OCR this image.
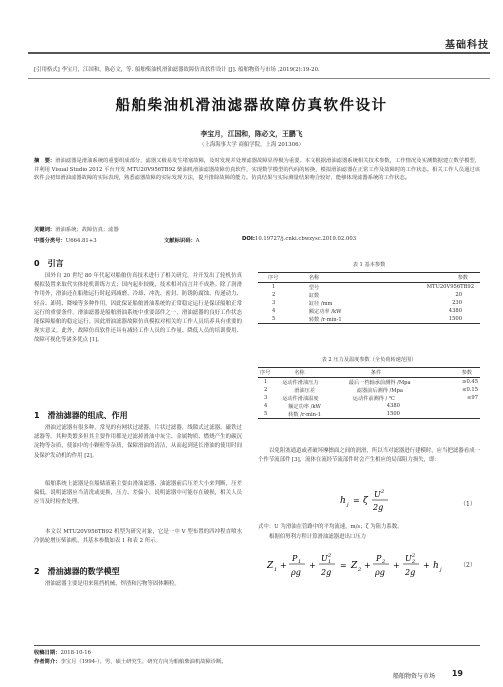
基础科技
[引用格式] 李宝月，江国和，陈必文，等. 船舶柴油机滑油滤器故障仿真软件设计 [J]. 船舶物资与市场 ,2019(2):19-20.
船舶柴油机滑油滤器故障仿真软件设计
李宝月，江国和，陈必文，王鹏飞
（上海海事大学 商船学院，上海 201306）
摘　要：滑油滤器是滑油系统的重要组成部分，滤器又极易发生堵塞故障，及时发现并处理滤器故障显得极为重要。本文根据滑油滤器系统相关技术参数，工作情况及实测数据建立数学模型，并利用 Visual Studio 2012 平台开发 MTU20V956TB92 柴油机滑油滤器故障仿真软件，实现数学模型的代码的转换，模拟滑油滤器在正常工作及故障时的工作状态。相关工作人员通过该软件会初知滑油滤器故障的实际表现，熟悉滤器故障的实际发现方法，提升排除故障的能力。仿真结果与实际测量结果吻合较好，能够体现滤器系统的工作状态。
关键词：滑油系统；故障仿真；滤器
中图分类号：U664.81+3	文献标识码：A	DOI:10.19727/j.cnki.cbwzysc.2019.02.003
0　引言
国外自 20 世纪 80 年代起对船舶仿真技术进行了相关研究，并开发出了轮机仿真模拟装置来取代实体轮机训练方式；国内起步较晚，技术相对而言并不成熟。除了润滑作用外，滑油还在船舶运行时起到减磨、冷却、冲洗、密封、防锈防腐蚀、传递动力、轻音、卸荷、降噪等多种作用。因此保证船舶滑油系统的正常稳定运行是保证船舶正常运行的重要条件。滑油滤器是船舶滑油系统中重要部件之一，滑油滤器的良好工作状态能保障船舶的稳定运行。因此滑油滤器故障仿真模拟对相关的工作人员培养具有重要的现实意义。此外，故障仿真软件还具有减轻工作人员的工作量、降低人员的培训费用、故障可视化等诸多优点 [1]。
1　滑油滤器的组成、作用
滑油过滤器有很多种，常见的有网状过滤器，片状过滤器，线隙式过滤器、磁铁过滤器等。其种类繁多但其主要作用都是过滤掉滑油中灰尘、金属物质、燃烧产生的碳沉淀物等杂质，使油中的小颗粒等杂质，保障滑油的清洁，从而起到延长滑油的使用时间及保护发动机的作用 [2]。
船舶系统上滤器是在船储液箱主要由滑油滤器、油滤器前后压差大小来判断，压差偏低，说明滤器应当清洗或更换，压力、差偏小，说明滤器中可能存在破损，相关人员应当及时检查处理。
本文以 MTU20V956TB92 机型为研究对象，它是一中 V 型布置的四冲程直喷水冷涡轮增压柴油机，其基本参数如表 1 和表 2 所示。
2　滑油滤器的数学模型
滑油滤器主要是用来阻挡机械、焊渣和污物等固体颗粒。
表 1 基本参数
序号	名称	参数
1	型号	MTU20V956TB92
2	缸数	20
3	缸径 /mm	230
4	额定功率 /kW	4380
5	转数 /r·min-1	1500
表 2 压力及温度参数（全负荷转速范围）
序号	名称	条件	参数
1	运动件滑油压力	最后一档轴承前测得 /Mpa	≥0.45
2	滑油压差	滤器前后测得 /Mpa	≤0.15
3	运动件滑油温度	运动件前测得 / ℃	≤97
4	额定功率 /kW	4380	
5	转数 /r·min-1	1500	
以免阻塞通道或者破坏摩擦面之间的润滑，所以当对滤器进行建模时，应当把滤器看成一个作节流部件 [3]，流体在流经节流部件时会产生相应的局部阻力损失，即：
h j = ζ
U 2
2g	（1）
式中：U 为滑油在管路中的平均流速，m/s；ζ 为阻力系数。
根据伯努利方程计算滑油滤器进出口压力
Z 1 +
P 1
ρg
+
U 2
1
2g
= Z 2 +
P 2
ρg
+
U 2
2
2g
+ h j
（2）
收稿日期：2018-10-16
作者简介：李宝月（1994-），男，硕士研究生，研究方向为船舶柴油机故障诊断。
船舶物资与市场 19
